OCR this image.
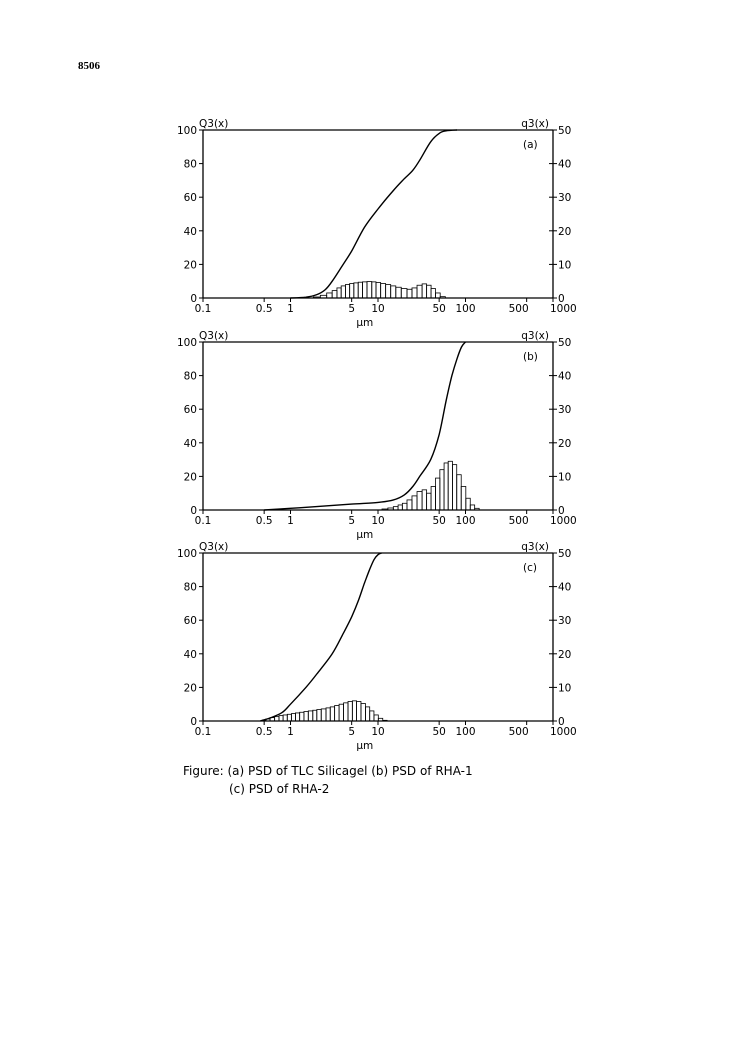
8506
0
20
40
60
80
100
0
10
20
30
40
50
0.1	0.5 1	5 10	50 100	500 1000
Q3(x)	q3(x)
µm
(a)
0
20
40
60
80
100
0
10
20
30
40
50
0.1	0.5 1	5 10	50 100	500 1000
Q3(x)	q3(x)
µm
(b)
0
20
40
60
80
100
0
10
20
30
40
50
0.1	0.5 1	5 10	50 100	500 1000
Q3(x)	q3(x)
µm
(c)
Figure: (a) PSD of TLC Silicagel (b) PSD of RHA-1
(c) PSD of RHA-2
